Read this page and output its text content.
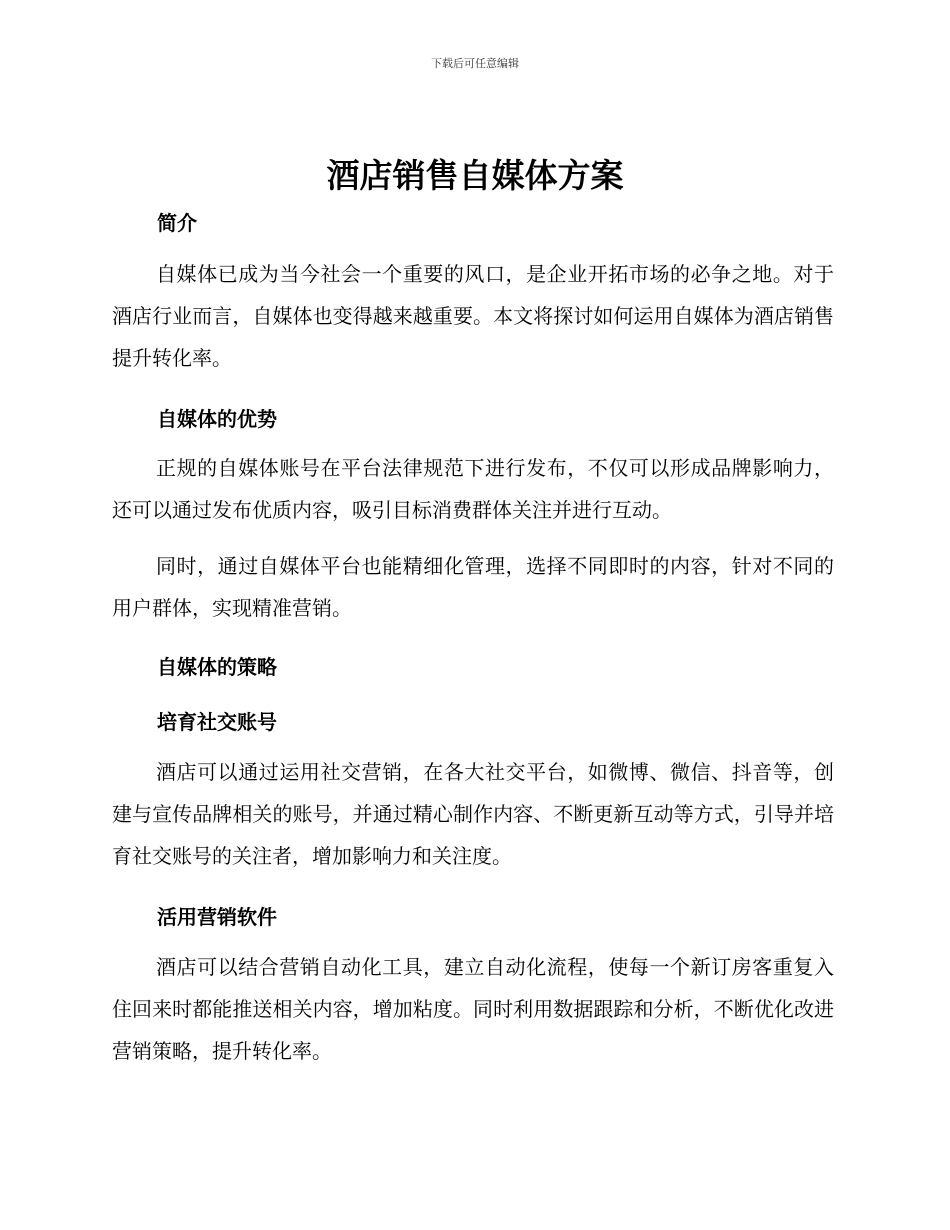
下载后可任意编辑
酒店销售自媒体方案
简介
自媒体已成为当今社会一个重要的风口，是企业开拓市场的必争之地。对于酒店行业而言，自媒体也变得越来越重要。本文将探讨如何运用自媒体为酒店销售提升转化率。
自媒体的优势
正规的自媒体账号在平台法律规范下进行发布，不仅可以形成品牌影响力，还可以通过发布优质内容，吸引目标消费群体关注并进行互动。
同时，通过自媒体平台也能精细化管理，选择不同即时的内容，针对不同的用户群体，实现精准营销。
自媒体的策略
培育社交账号
酒店可以通过运用社交营销，在各大社交平台，如微博、微信、抖音等，创建与宣传品牌相关的账号，并通过精心制作内容、不断更新互动等方式，引导并培育社交账号的关注者，增加影响力和关注度。
活用营销软件
酒店可以结合营销自动化工具，建立自动化流程，使每一个新订房客重复入住回来时都能推送相关内容，增加粘度。同时利用数据跟踪和分析，不断优化改进营销策略，提升转化率。
